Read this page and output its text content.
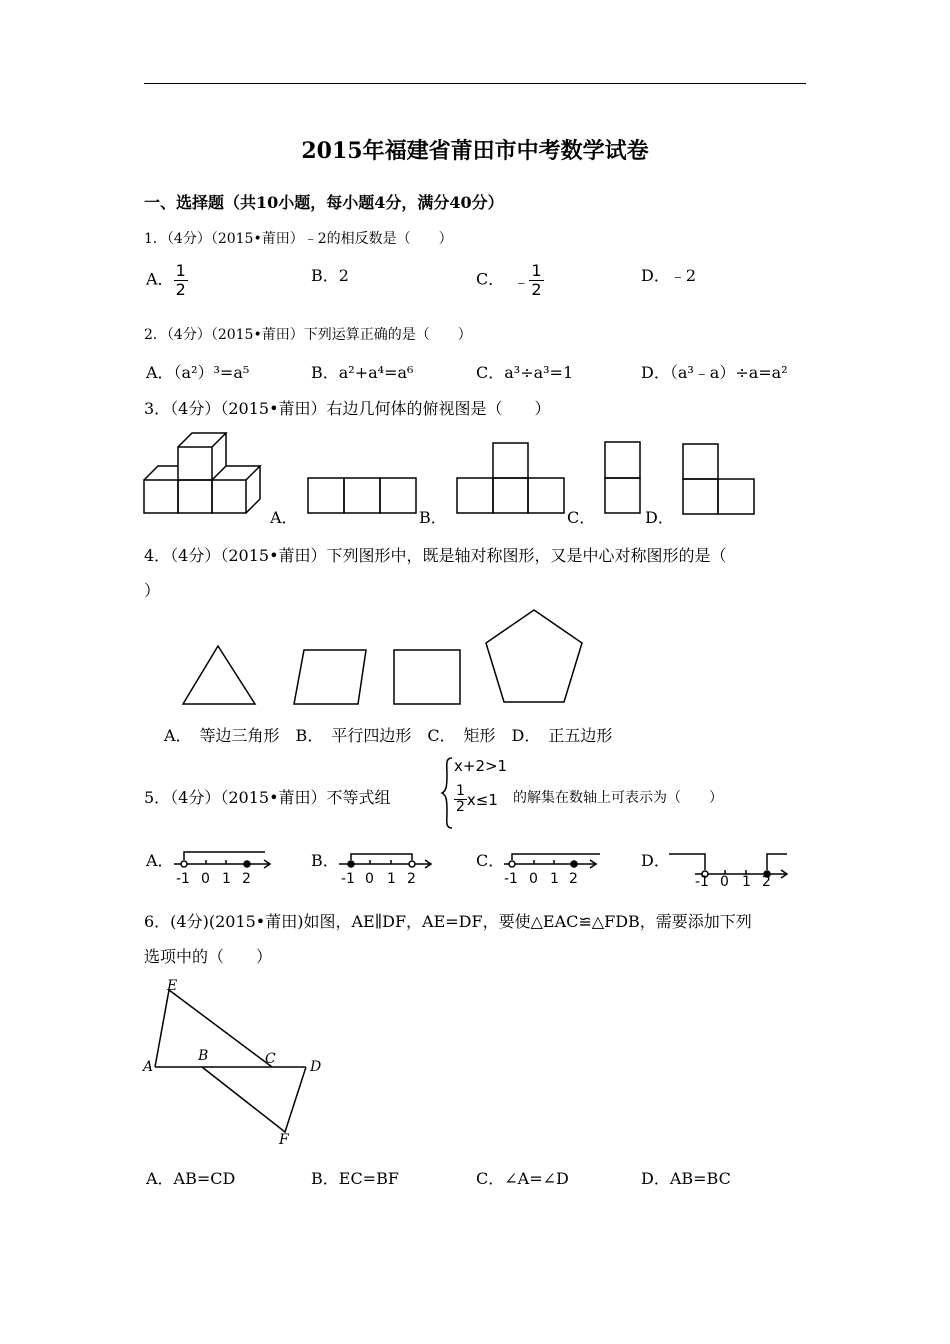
2015年福建省莆田市中考数学试卷
一、选择题（共10小题，每小题4分，满分40分）
1．（4分）（2015•莆田）﹣2的相反数是（　　）
A． $\frac{1}{2}$	B．2	C． ﹣ $\frac{1}{2}$	D．﹣2
2．（4分）（2015•莆田）下列运算正确的是（　　）
A．（a²）³=a⁵	B．a²+a⁴=a⁶	C．a³÷a³=1	D．（a³﹣a）÷a=a²
3．（4分）（2015•莆田）右边几何体的俯视图是（　　）
A．	B．	C．	D．
4．（4分）（2015•莆田）下列图形中，既是轴对称图形，又是中心对称图形的是（
）
A．　等边三角形　B．　平行四边形　C．　矩形　D．　正五边形
5．（4分）（2015•莆田）不等式组
x+2>1
$\frac{1}{2} x\le 1$ 的解集在数轴上可表示为（　　）
A．
-1 0 1 2
B．
-1 0 1 2
C．
-1 0 1 2
D．
-1 0 1 2
6．(4分)(2015•莆田)如图，AE∥DF，AE=DF，要使△EAC≌△FDB，需要添加下列
选项中的（　　）
E
A
B	C D
F
A．AB=CD	B．EC=BF	C．∠A=∠D	D．AB=BC
